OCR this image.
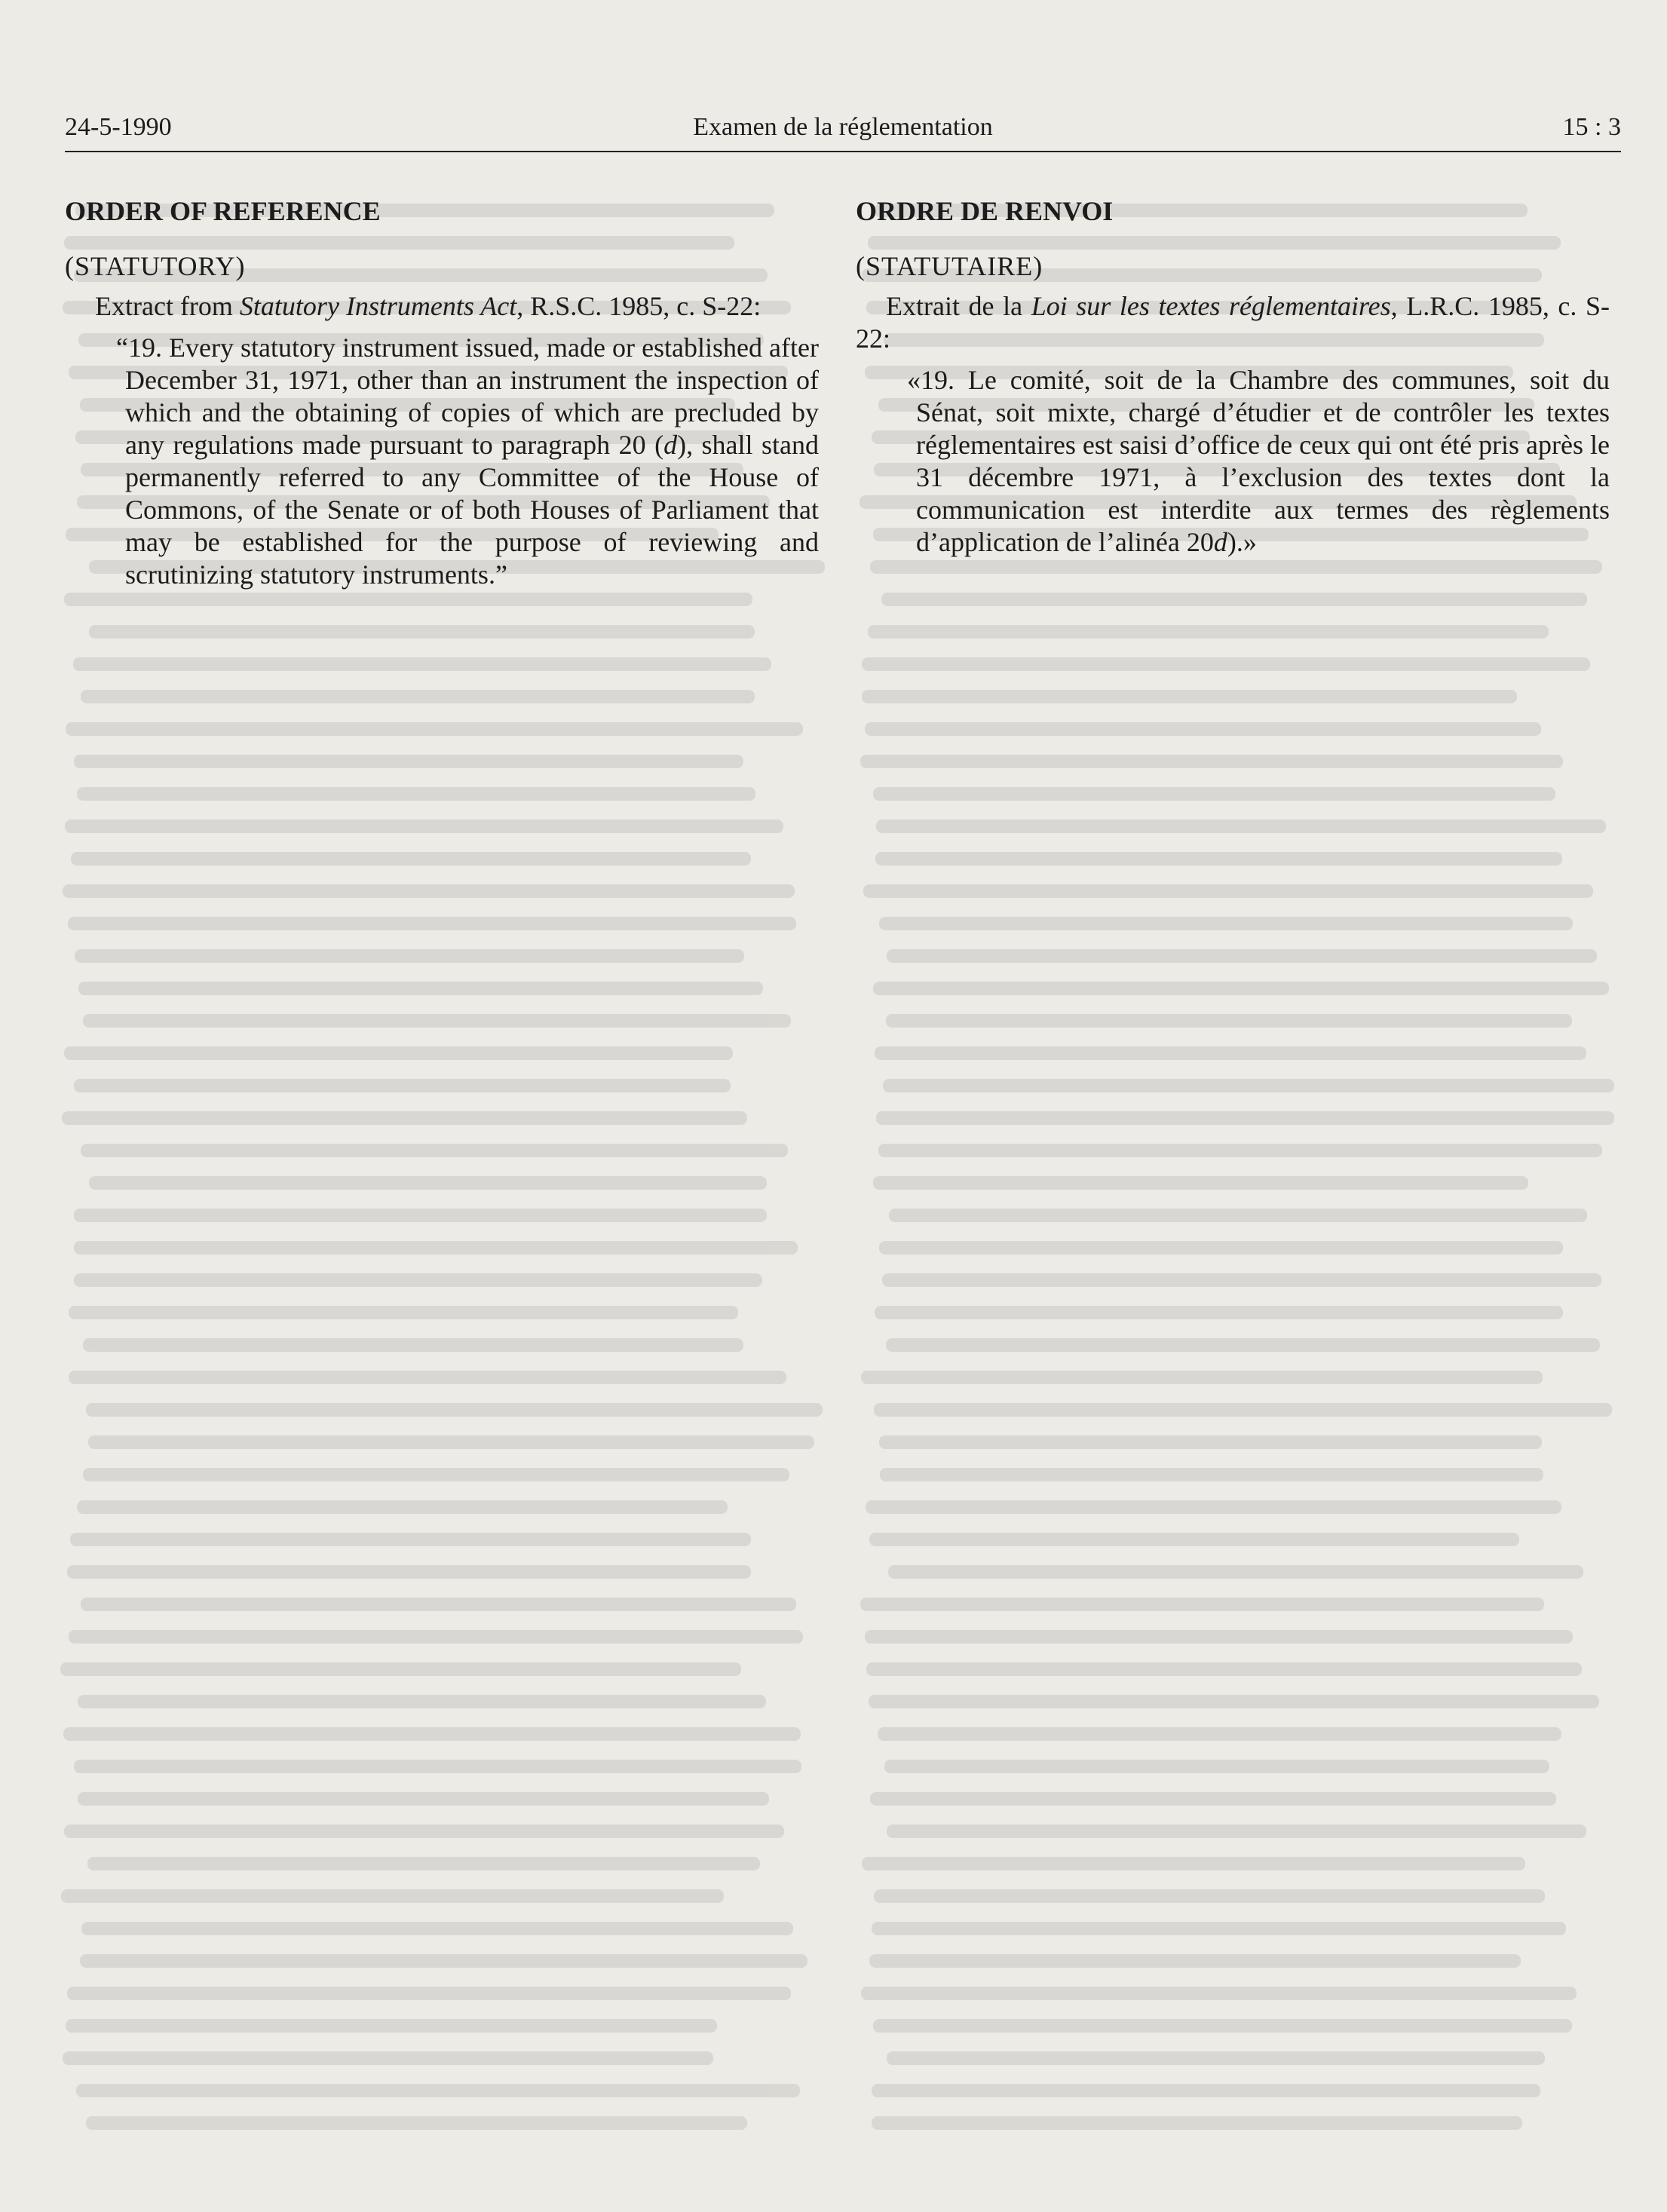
24-5-1990	Examen de la réglementation	15 : 3
ORDER OF REFERENCE
(STATUTORY)

Extract from Statutory Instruments Act, R.S.C. 1985, c. S-22:

“19. Every statutory instrument issued, made or established after December 31, 1971, other than an instrument the inspection of which and the obtaining of copies of which are precluded by any regulations made pursuant to paragraph 20 (d), shall stand permanently referred to any Committee of the House of Commons, of the Senate or of both Houses of Parliament that may be established for the purpose of reviewing and scrutinizing statutory instruments.”

ORDRE DE RENVOI
(STATUTAIRE)

Extrait de la Loi sur les textes réglementaires, L.R.C. 1985, c. S-22:

«19. Le comité, soit de la Chambre des communes, soit du Sénat, soit mixte, chargé d’étudier et de contrôler les textes réglementaires est saisi d’office de ceux qui ont été pris après le 31 décembre 1971, à l’exclusion des textes dont la communication est interdite aux termes des règlements d’application de l’alinéa 20d).»
